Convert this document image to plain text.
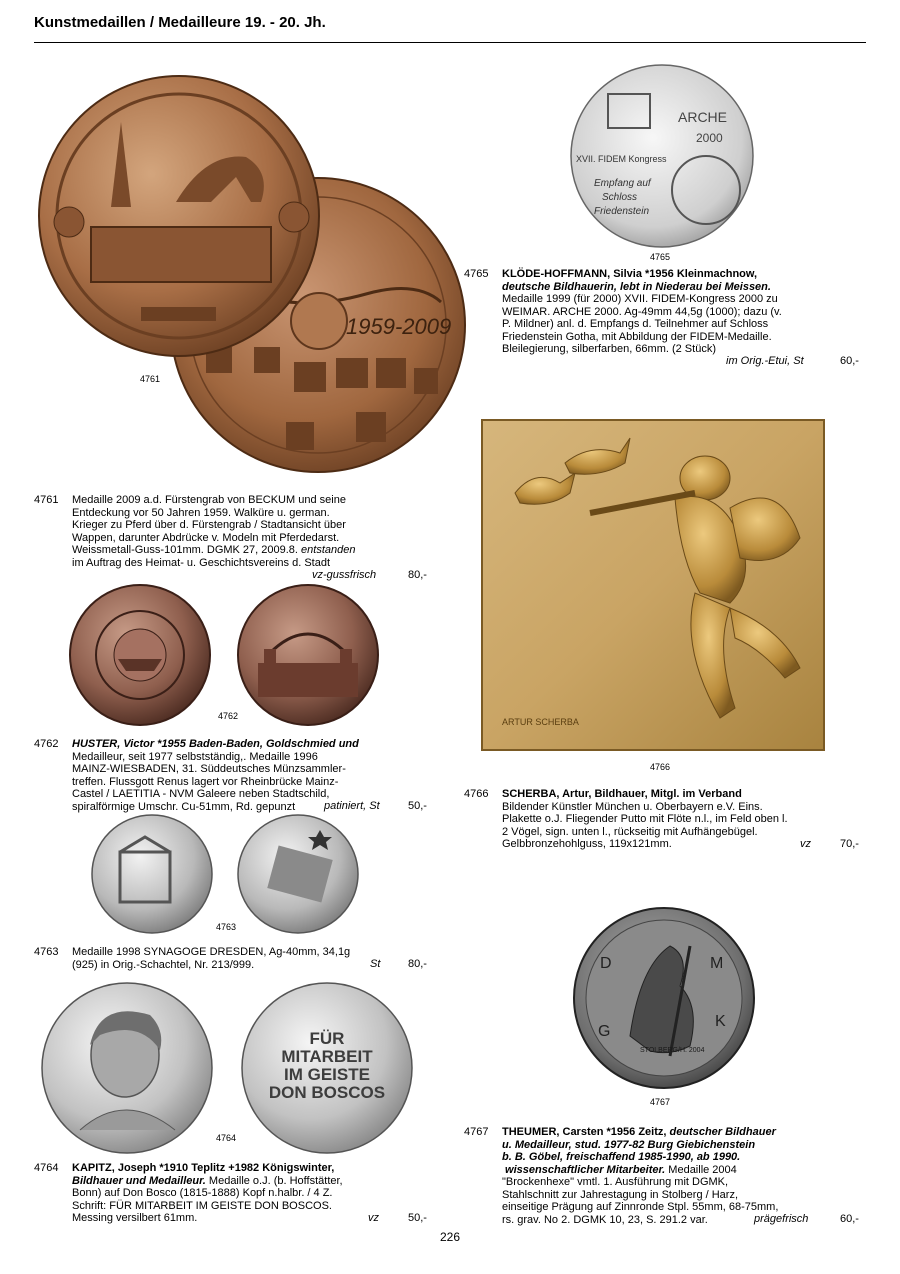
Kunstmedaillen / Medailleure 19. - 20. Jh.
1959-2009
4761
4762
4763
FÜR
MITARBEIT
IM GEISTE
DON BOSCOS
4764
ARCHE
2000
XVII. FIDEM Kongress
Empfang auf
Schloss
Friedenstein
4765
ARTUR SCHERBA
4766
D
G
M
K
STOLBERG/H. 2004
4767
4761 Medaille 2009 a.d. Fürstengrab von BECKUM und seine
Entdeckung vor 50 Jahren 1959. Walküre u. german.
Krieger zu Pferd über d. Fürstengrab / Stadtansicht über
Wappen, darunter Abdrücke v. Modeln mit Pferdedarst.
Weissmetall-Guss-101mm. DGMK 27, 2009.8. entstanden
im Auftrag des Heimat- u. Geschichtsvereins d. Stadt
vz-gussfrisch	80,-
4762 HUSTER, Victor *1955 Baden-Baden, Goldschmied und
Medailleur, seit 1977 selbstständig,. Medaille 1996
MAINZ-WIESBADEN, 31. Süddeutsches Münzsammler-
treffen. Flussgott Renus lagert vor Rheinbrücke Mainz-
Castel / LAETITIA - NVM Galeere neben Stadtschild,
spiralförmige Umschr. Cu-51mm, Rd. gepunzt	patiniert, St	50,-
4763 Medaille 1998 SYNAGOGE DRESDEN, Ag-40mm, 34,1g
(925) in Orig.-Schachtel, Nr. 213/999.	St	80,-
4764 KAPITZ, Joseph *1910 Teplitz +1982 Königswinter,
Bildhauer und Medailleur. Medaille o.J. (b. Hoffstätter,
Bonn) auf Don Bosco (1815-1888) Kopf n.halbr. / 4 Z.
Schrift: FÜR MITARBEIT IM GEISTE DON BOSCOS.
Messing versilbert 61mm.	vz	50,-
4765 KLÖDE-HOFFMANN, Silvia *1956 Kleinmachnow,
deutsche Bildhauerin, lebt in Niederau bei Meissen.
Medaille 1999 (für 2000) XVII. FIDEM-Kongress 2000 zu
WEIMAR. ARCHE 2000. Ag-49mm 44,5g (1000); dazu (v.
P. Mildner) anl. d. Empfangs d. Teilnehmer auf Schloss
Friedenstein Gotha, mit Abbildung der FIDEM-Medaille.
Bleilegierung, silberfarben, 66mm. (2 Stück)
im Orig.-Etui, St	60,-
4766 SCHERBA, Artur, Bildhauer, Mitgl. im Verband
Bildender Künstler München u. Oberbayern e.V. Eins.
Plakette o.J. Fliegender Putto mit Flöte n.l., im Feld oben l.
2 Vögel, sign. unten l., rückseitig mit Aufhängebügel.
Gelbbronzehohlguss, 119x121mm.	vz	70,-
4767 THEUMER, Carsten *1956 Zeitz, deutscher Bildhauer
u. Medailleur, stud. 1977-82 Burg Giebichenstein
b. B. Göbel, freischaffend 1985-1990, ab 1990.
wissenschaftlicher Mitarbeiter. Medaille 2004
"Brockenhexe" vmtl. 1. Ausführung mit DGMK,
Stahlschnitt zur Jahrestagung in Stolberg / Harz,
einseitige Prägung auf Zinnronde Stpl. 55mm, 68-75mm,
rs. grav. No 2. DGMK 10, 23, S. 291.2 var.	prägefrisch	60,-
226
